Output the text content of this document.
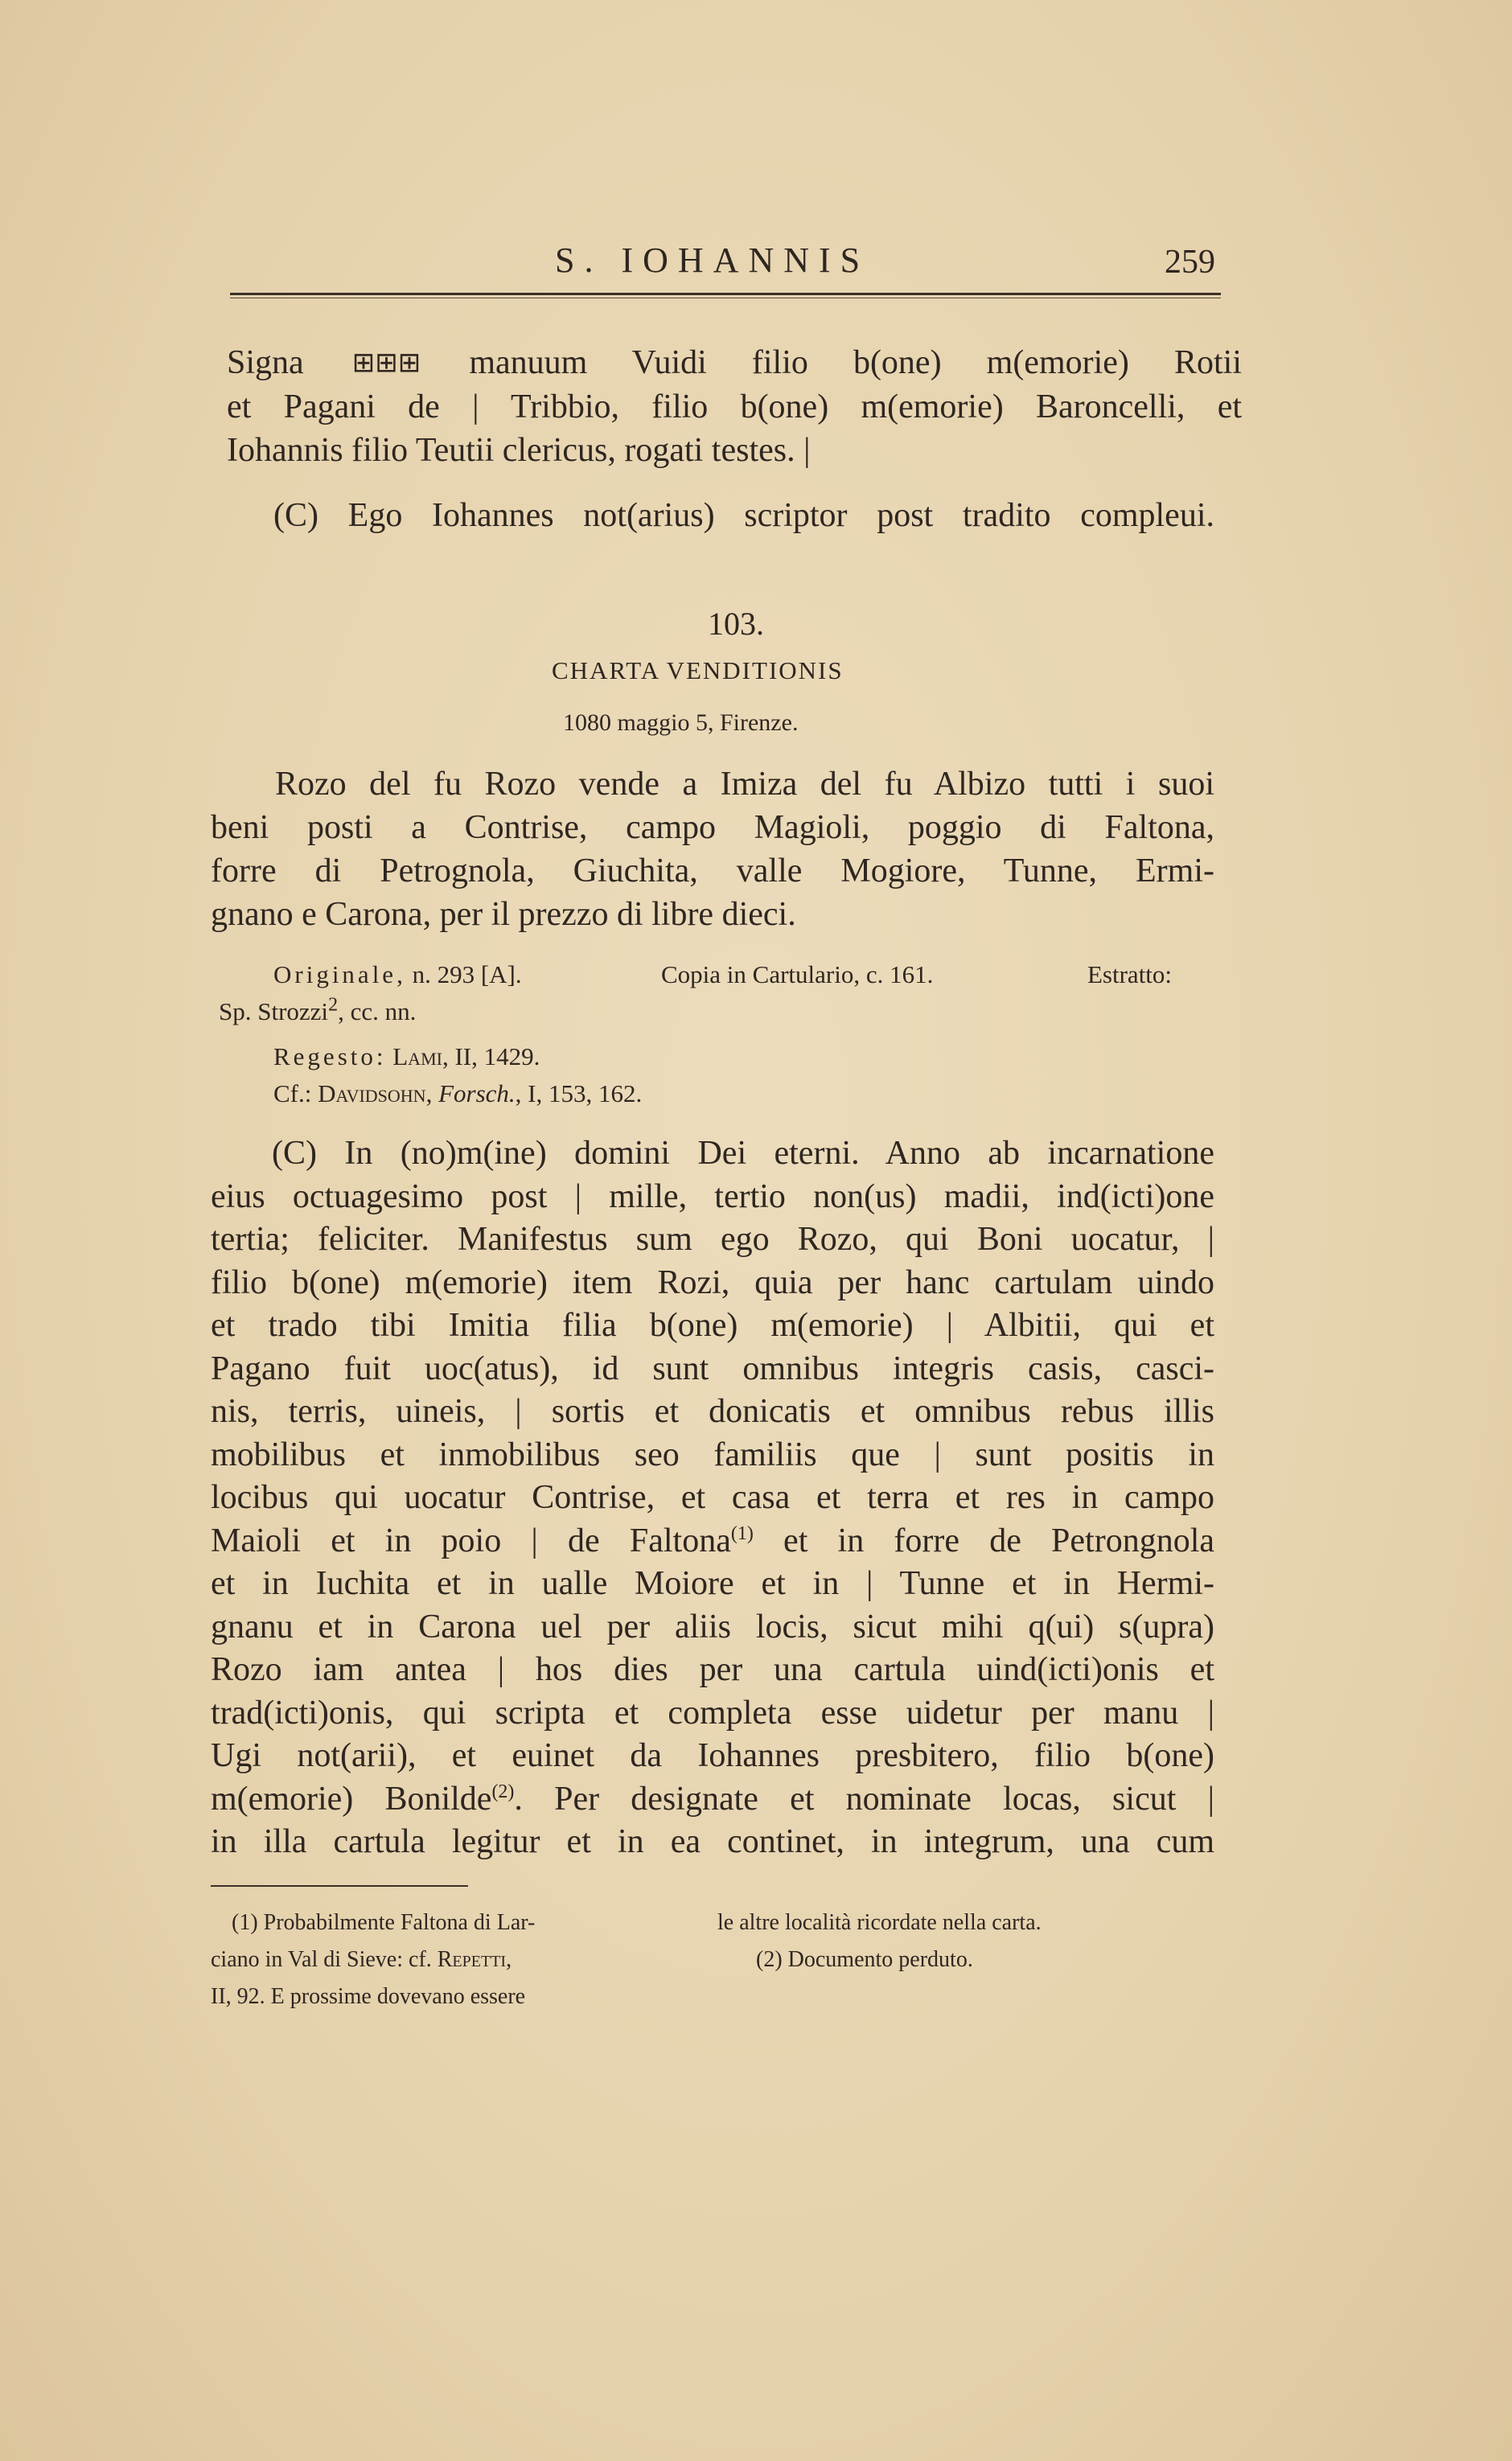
S. IOHANNIS	259
Signa ⊞⊞⊞ manuum Vuidi filio b(one) m(emorie) Rotii
et Pagani de | Tribbio, filio b(one) m(emorie) Baroncelli, et
Iohannis filio Teutii clericus, rogati testes. |
(C) Ego Iohannes not(arius) scriptor post tradito compleui.
103.
CHARTA VENDITIONIS
1080 maggio 5, Firenze.
Rozo del fu Rozo vende a Imiza del fu Albizo tutti i suoi
beni posti a Contrise, campo Magioli, poggio di Faltona,
forre di Petrognola, Giuchita, valle Mogiore, Tunne, Ermi-
gnano e Carona, per il prezzo di libre dieci.
Originale, n. 293 [A].	Copia in Cartulario, c. 161.	Estratto:
Sp. Strozzi$^2$, cc. nn.
Regesto: Lami, II, 1429.
Cf.: Davidsohn, Forsch., I, 153, 162.
(C) In (no)m(ine) domini Dei eterni. Anno ab incarnatione
eius octuagesimo post | mille, tertio non(us) madii, ind(icti)one
tertia; feliciter. Manifestus sum ego Rozo, qui Boni uocatur, |
filio b(one) m(emorie) item Rozi, quia per hanc cartulam uindo
et trado tibi Imitia filia b(one) m(emorie) | Albitii, qui et
Pagano fuit uoc(atus), id sunt omnibus integris casis, casci-
nis, terris, uineis, | sortis et donicatis et omnibus rebus illis
mobilibus et inmobilibus seo familiis que | sunt positis in
locibus qui uocatur Contrise, et casa et terra et res in campo
Maioli et in poio | de Faltona$^{(1)}$ et in forre de Petrongnola
et in Iuchita et in ualle Moiore et in | Tunne et in Hermi-
gnanu et in Carona uel per aliis locis, sicut mihi q(ui) s(upra)
Rozo iam antea | hos dies per una cartula uind(icti)onis et
trad(icti)onis, qui scripta et completa esse uidetur per manu |
Ugi not(arii), et euinet da Iohannes presbitero, filio b(one)
m(emorie) Bonilde$^{(2)}$. Per designate et nominate locas, sicut |
in illa cartula legitur et in ea continet, in integrum, una cum
(1) Probabilmente Faltona di Lar-
ciano in Val di Sieve: cf. Repetti,
II, 92. E prossime dovevano essere
le altre località ricordate nella carta.
(2) Documento perduto.
